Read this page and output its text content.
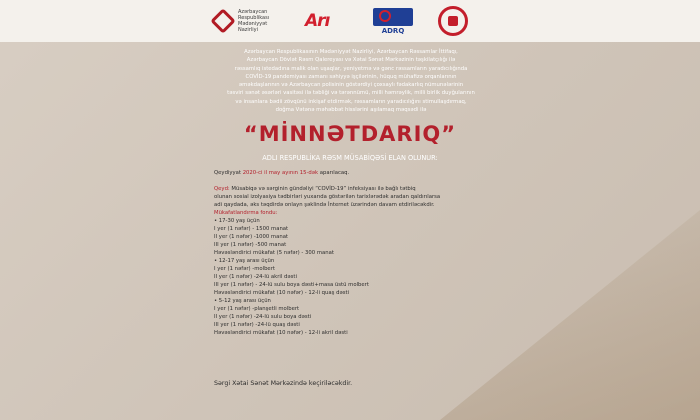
Azərbaycan Respublikası Mədəniyyət Nazirliyi	Arı	ADRQ

Azərbaycan Respublikasının Mədəniyyət Nazirliyi, Azərbaycan Rəssamlar İttifaqı,

Azərbaycan Dövlət Rəsm Qalereyası və Xətai Sənət Mərkəzinin təşkilatçılığı ilə

rəssamlıq istedadına malik olan uşaqlar, yeniyetmə və gənc rəssamların yaradıcılığında

COVİD-19 pandemiyası zamanı səhiyyə işçilərinin, hüquq mühafizə orqanlarının

əməkdaşlarının və Azərbaycan polisinin göstərdiyi çoxsaylı fədakarlıq nümunələrinin

təsviri sənət əsərləri vasitəsi ilə təbliği və tərənnümü, milli həmrəylik, milli birlik duyğularının

və insanlara bədii zövqünü inkişaf etdirmək, rəssamların yaradıcılığını stimullaşdırmaq,

doğma Vətənə məhəbbət hisslərini aşılamaq məqsədi ilə

“MİNNƏTDARIQ”
ADLI RESPUBLİKA RƏSM MÜSABİQƏSİ ELAN OLUNUR:

Qeydiyyat 2020-ci il may ayının 15-dək aparılacaq.

Qeyd: Müsabiqə və sərginin gündəliyi “COVİD-19” infeksiyası ilə bağlı tətbiq

olunan sosial izolyasiya tədbirləri yuxarıda göstərilən tarixlərədək aradan qaldırılarsa

adi qaydada, əks təqdirdə onlayn şəklində İnternet üzərindən davam etdiriləcəkdir.

Mükafatlandırma fondu:

• 17-30 yaş üçün

I yer (1 nəfər) - 1500 manat

II yer (1 nəfər) -1000 manat

III yer (1 nəfər) -500 manat

Həvəsləndirici mükafat (5 nəfər) - 300 manat

• 12-17 yaş arası üçün

I yer (1 nəfər) -molbert

II yer (1 nəfər) -24-lü akril dəsti

III yer (1 nəfər) - 24-lü sulu boya dəsti+masa üstü molbert

Həvəsləndirici mükafat (10 nəfər) - 12-li quaş dəsti

• 5-12 yaş arası üçün

I yer (1 nəfər) -planşetli molbert

II yer (1 nəfər) -24-lü sulu boya dəsti

III yer (1 nəfər) -24-lü quaş dəsti

Həvəsləndirici mükafat (10 nəfər) - 12-li akril dəsti

Sərgi Xətai Sənət Mərkəzində keçiriləcəkdir.
